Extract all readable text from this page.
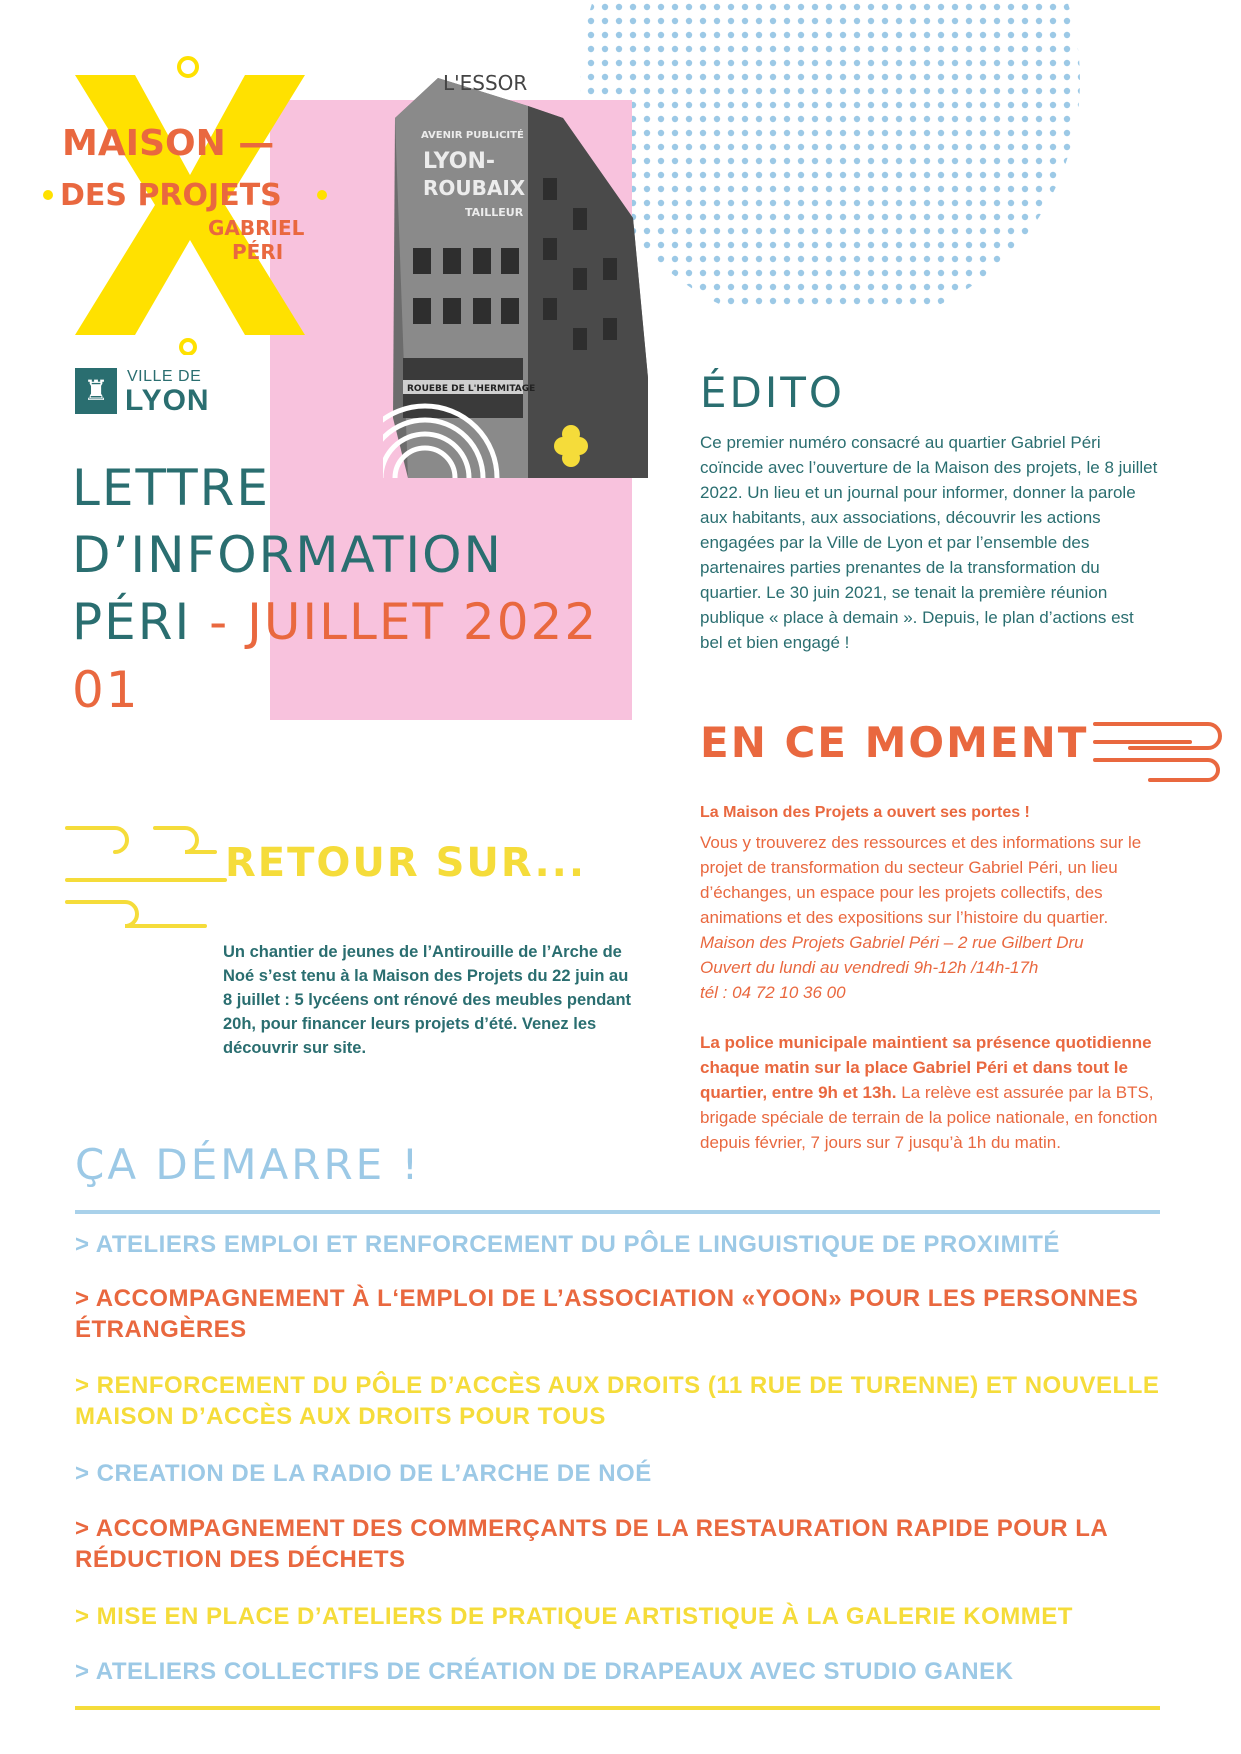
MAISON —
DES PROJETS
GABRIEL
PÉRI
L'ESSOR
AVENIR PUBLICITÉ
LYON-
ROUBAIX
TAILLEUR
ROUEBE DE L'HERMITAGE
♜	VILLE DE
LYON
LETTRE
D’INFORMATION
PÉRI - JUILLET 2022
01
ÉDITO
Ce premier numéro consacré au quartier Gabriel Péri coïncide avec l’ouverture de la Maison des projets, le 8 juillet 2022. Un lieu et un journal pour informer, donner la parole aux habitants, aux associations, découvrir les actions engagées par la Ville de Lyon et par l’ensemble des partenaires parties prenantes de la transformation du quartier. Le 30 juin 2021, se tenait la première réunion publique « place à demain ». Depuis, le plan d’actions est bel et bien engagé !
EN CE MOMENT
La Maison des Projets a ouvert ses portes !
Vous y trouverez des ressources et des informations sur le projet de transformation du secteur Gabriel Péri, un lieu d’échanges, un espace pour les projets collectifs, des animations et des expositions sur l’histoire du quartier.
Maison des Projets Gabriel Péri – 2 rue Gilbert Dru
Ouvert du lundi au vendredi 9h-12h /14h-17h
tél : 04 72 10 36 00
La police municipale maintient sa présence quotidienne chaque matin sur la place Gabriel Péri et dans tout le quartier, entre 9h et 13h. La relève est assurée par la BTS, brigade spéciale de terrain de la police nationale, en fonction depuis février, 7 jours sur 7 jusqu’à 1h du matin.
RETOUR SUR...
Un chantier de jeunes de l’Antirouille de l’Arche de Noé s’est tenu à la Maison des Projets du 22 juin au 8 juillet : 5 lycéens ont rénové des meubles pendant 20h, pour financer leurs projets d’été. Venez les découvrir sur site.
ÇA DÉMARRE !
> ATELIERS EMPLOI ET RENFORCEMENT DU PÔLE LINGUISTIQUE DE PROXIMITÉ
> ACCOMPAGNEMENT À L‘EMPLOI DE L’ASSOCIATION «YOON» POUR LES PERSONNES ÉTRANGÈRES
> RENFORCEMENT DU PÔLE D’ACCÈS AUX DROITS (11 RUE DE TURENNE) ET NOUVELLE MAISON D’ACCÈS AUX DROITS POUR TOUS
> CREATION DE LA RADIO DE L’ARCHE DE NOÉ
> ACCOMPAGNEMENT DES COMMERÇANTS DE LA RESTAURATION RAPIDE POUR LA RÉDUCTION DES DÉCHETS
> MISE EN PLACE D’ATELIERS DE PRATIQUE ARTISTIQUE À LA GALERIE KOMMET
> ATELIERS COLLECTIFS DE CRÉATION DE DRAPEAUX AVEC STUDIO GANEK
